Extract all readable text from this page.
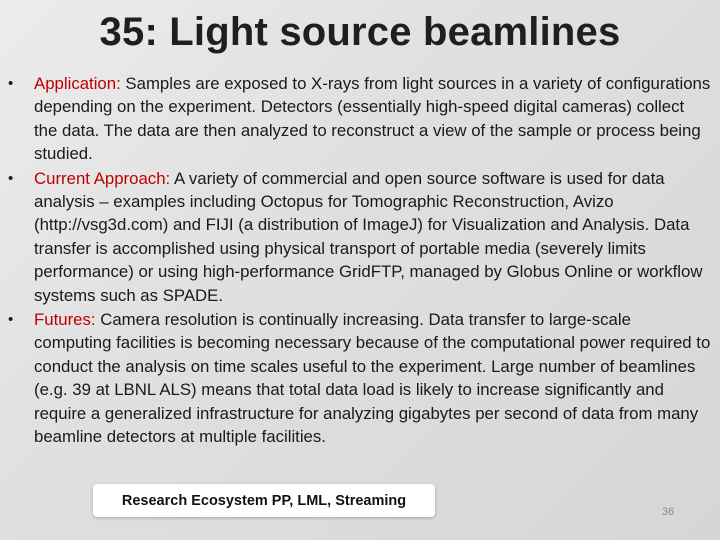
35: Light source beamlines
•	Application: Samples are exposed to X-rays from light sources in a variety of configurations depending on the experiment. Detectors (essentially high-speed digital cameras) collect the data. The data are then analyzed to reconstruct a view of the sample or process being studied.
•	Current Approach: A variety of commercial and open source software is used for data analysis – examples including Octopus for Tomographic Reconstruction, Avizo (http://vsg3d.com) and FIJI (a distribution of ImageJ) for Visualization and Analysis. Data transfer is accomplished using physical transport of portable media (severely limits performance) or using high-performance GridFTP, managed by Globus Online or workflow systems such as SPADE.
•	Futures: Camera resolution is continually increasing. Data transfer to large-scale computing facilities is becoming necessary because of the computational power required to conduct the analysis on time scales useful to the experiment. Large number of beamlines (e.g. 39 at LBNL ALS) means that total data load is likely to increase significantly and require a generalized infrastructure for analyzing gigabytes per second of data from many beamline detectors at multiple facilities.
Research Ecosystem PP, LML, Streaming
36
